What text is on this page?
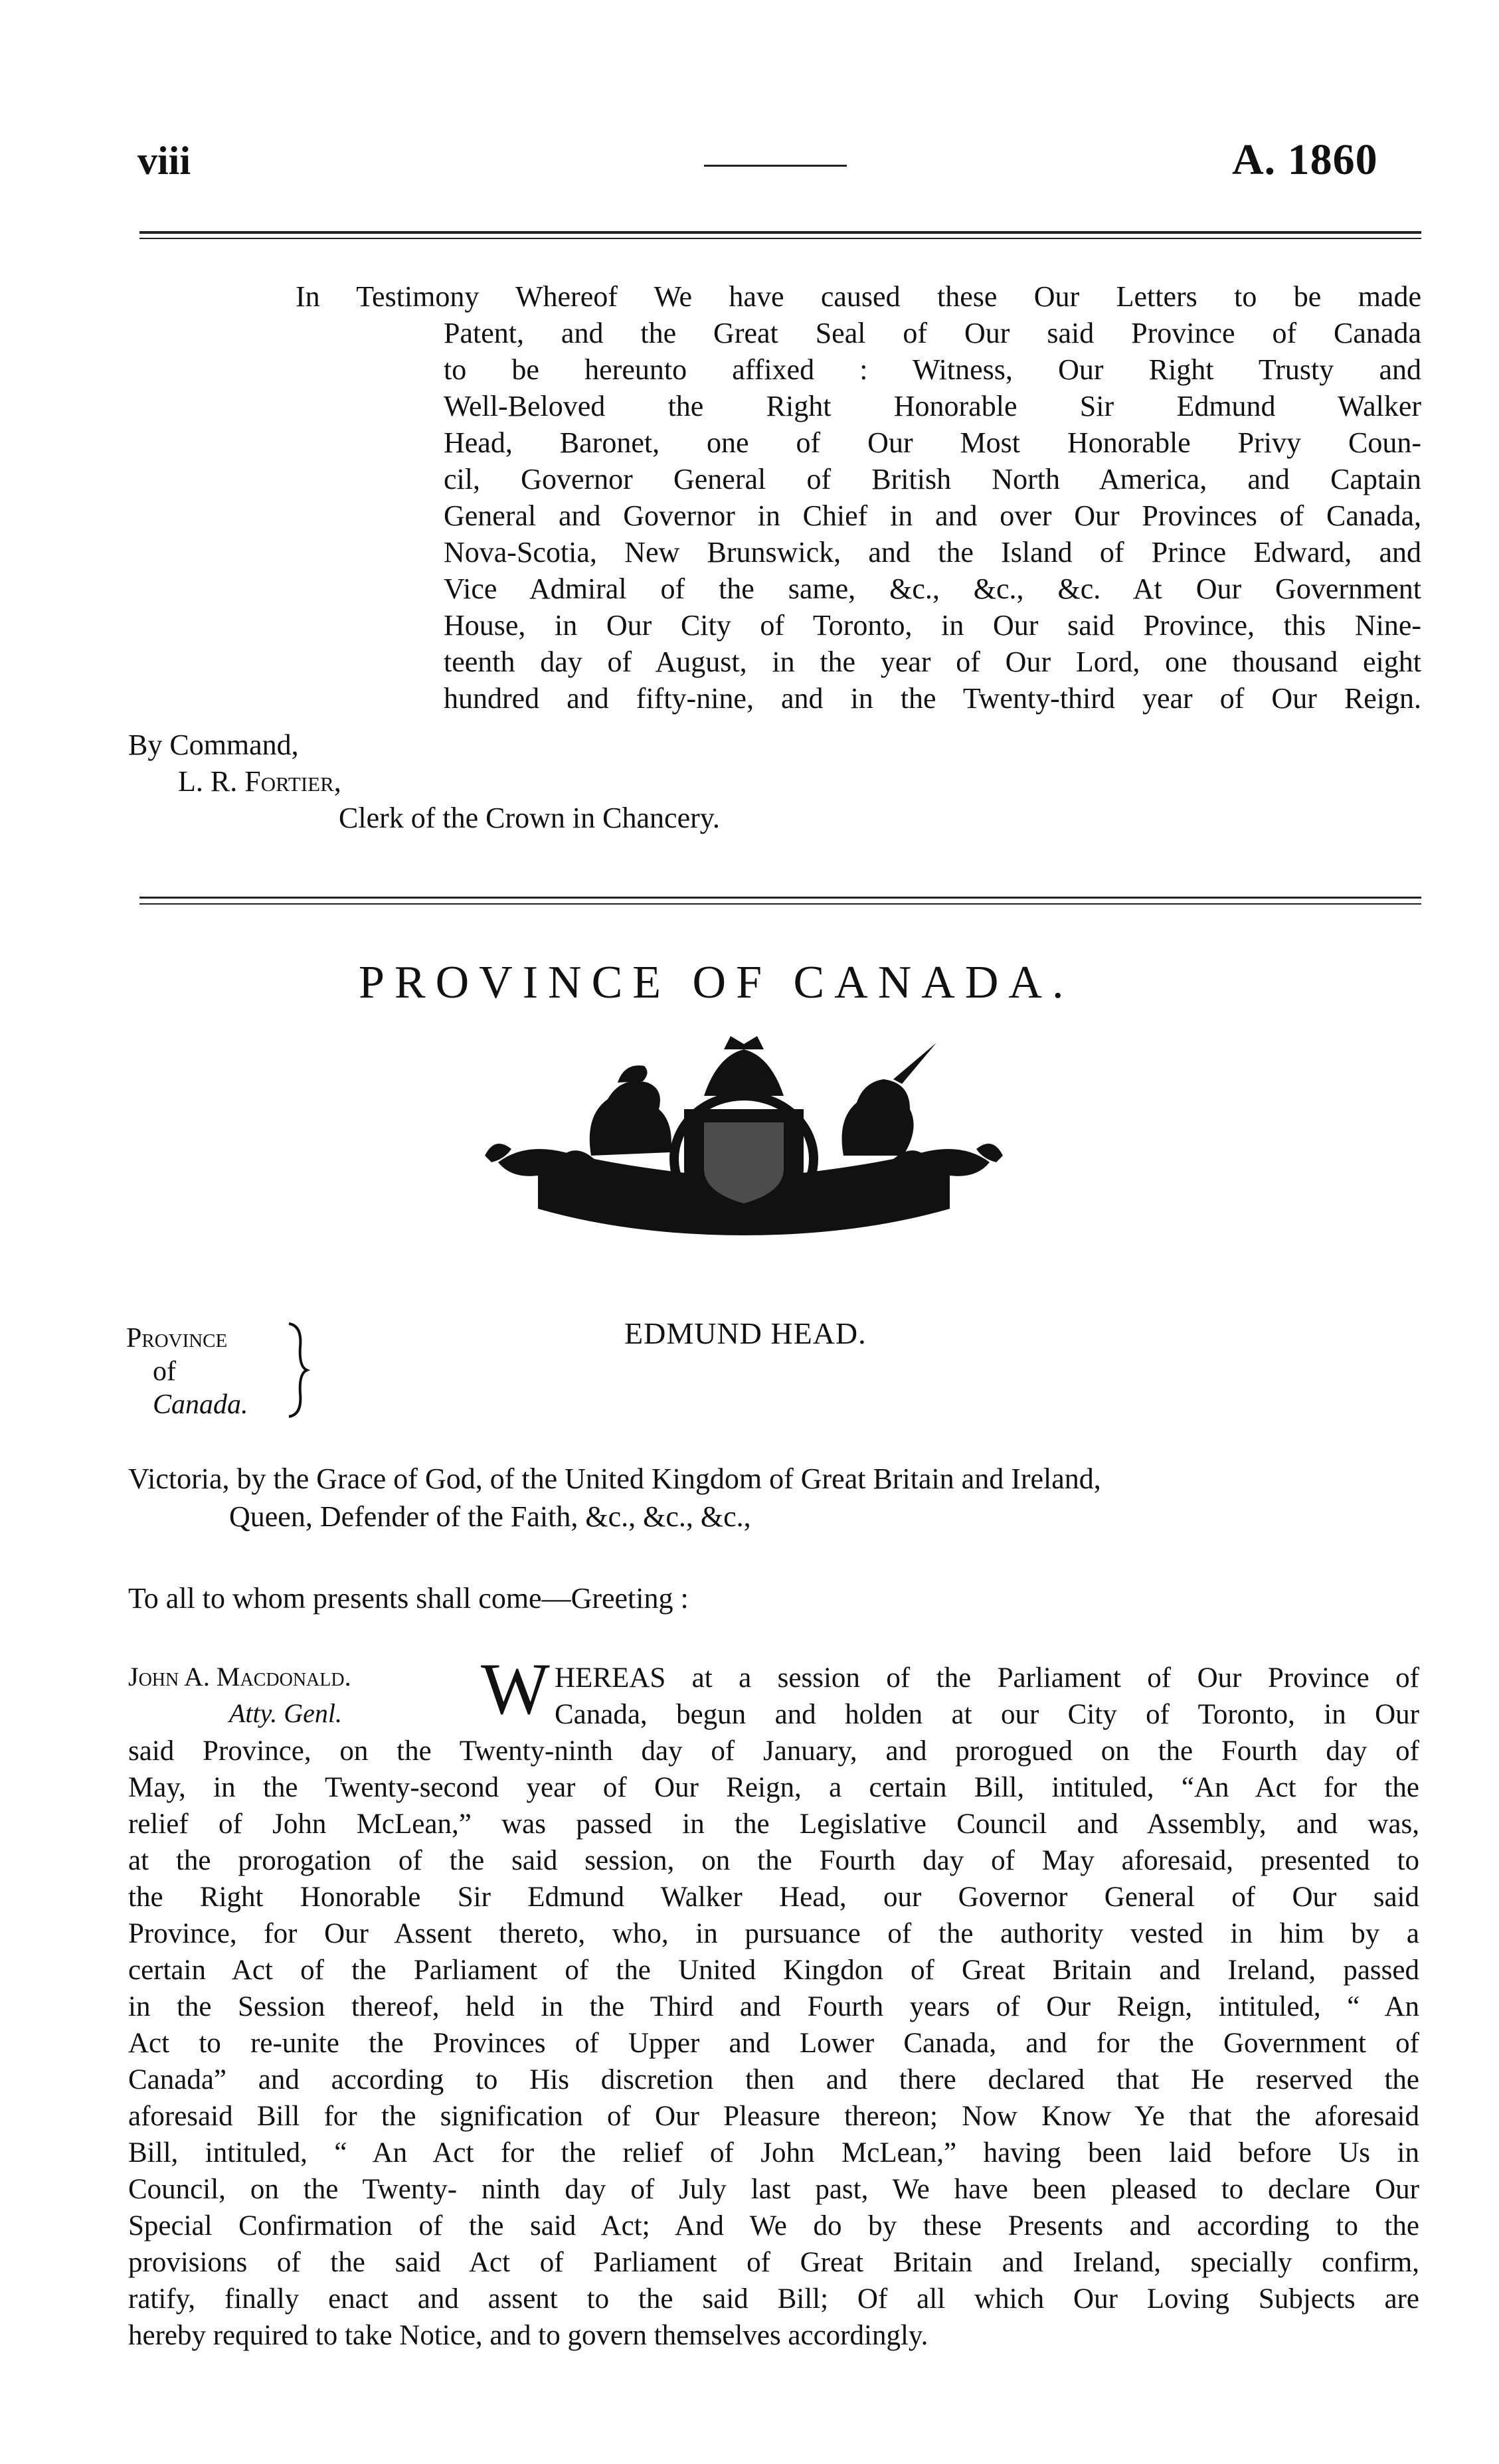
viii	A. 1860
In Testimony Whereof We have caused these Our Letters to be made
Patent, and the Great Seal of Our said Province of Canada
to be hereunto affixed : Witness, Our Right Trusty and
Well-Beloved the Right Honorable Sir Edmund Walker
Head, Baronet, one of Our Most Honorable Privy Coun-
cil, Governor General of British North America, and Captain
General and Governor in Chief in and over Our Provinces of Canada,
Nova-Scotia, New Brunswick, and the Island of Prince Edward, and
Vice Admiral of the same, &c., &c., &c. At Our Government
House, in Our City of Toronto, in Our said Province, this Nine-
teenth day of August, in the year of Our Lord, one thousand eight
hundred and fifty-nine, and in the Twenty-third year of Our Reign.
By Command,
L. R. Fortier,
Clerk of the Crown in Chancery.
PROVINCE OF CANADA.
Province
of
Canada.
EDMUND HEAD.
Victoria, by the Grace of God, of the United Kingdom of Great Britain and Ireland,
Queen, Defender of the Faith, &c., &c., &c.,
To all to whom presents shall come—Greeting :
John A. Macdonald.
Atty. Genl. W HEREAS at a session of the Parliament of Our Province of
Canada, begun and holden at our City of Toronto, in Our
said Province, on the Twenty-ninth day of January, and prorogued on the Fourth day of
May, in the Twenty-second year of Our Reign, a certain Bill, intituled, “An Act for the
relief of John McLean,” was passed in the Legislative Council and Assembly, and was,
at the prorogation of the said session, on the Fourth day of May aforesaid, presented to
the Right Honorable Sir Edmund Walker Head, our Governor General of Our said
Province, for Our Assent thereto, who, in pursuance of the authority vested in him by a
certain Act of the Parliament of the United Kingdon of Great Britain and Ireland, passed
in the Session thereof, held in the Third and Fourth years of Our Reign, intituled, “ An
Act to re-unite the Provinces of Upper and Lower Canada, and for the Government of
Canada” and according to His discretion then and there declared that He reserved the
aforesaid Bill for the signification of Our Pleasure thereon; Now Know Ye that the aforesaid
Bill, intituled, “ An Act for the relief of John McLean,” having been laid before Us in
Council, on the Twenty- ninth day of July last past, We have been pleased to declare Our
Special Confirmation of the said Act; And We do by these Presents and according to the
provisions of the said Act of Parliament of Great Britain and Ireland, specially confirm,
ratify, finally enact and assent to the said Bill; Of all which Our Loving Subjects are
hereby required to take Notice, and to govern themselves accordingly.
